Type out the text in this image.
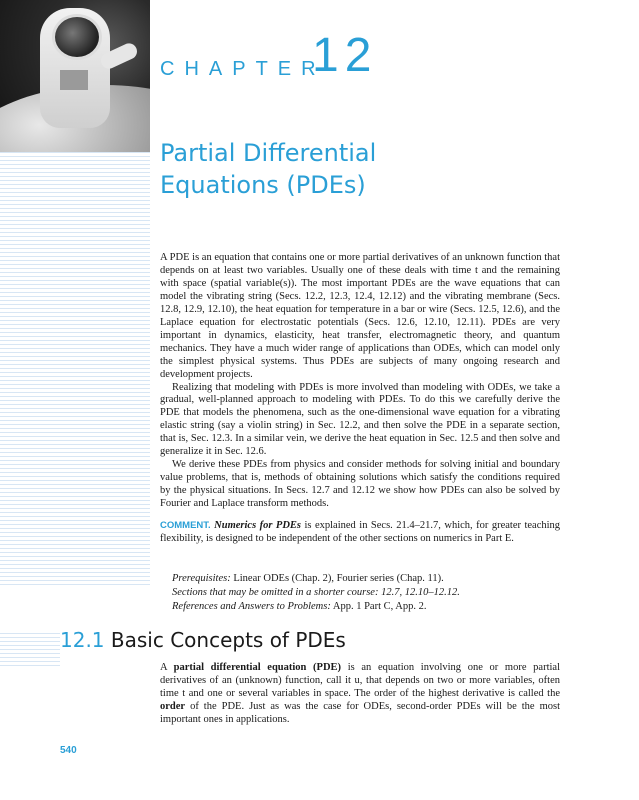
CHAPTER
12
Partial Differential
Equations (PDEs)

A PDE is an equation that contains one or more partial derivatives of an unknown function that depends on at least two variables. Usually one of these deals with time t and the remaining with space (spatial variable(s)). The most important PDEs are the wave equations that can model the vibrating string (Secs. 12.2, 12.3, 12.4, 12.12) and the vibrating membrane (Secs. 12.8, 12.9, 12.10), the heat equation for temperature in a bar or wire (Secs. 12.5, 12.6), and the Laplace equation for electrostatic potentials (Secs. 12.6, 12.10, 12.11). PDEs are very important in dynamics, elasticity, heat transfer, electromagnetic theory, and quantum mechanics. They have a much wider range of applications than ODEs, which can model only the simplest physical systems. Thus PDEs are subjects of many ongoing research and development projects.

Realizing that modeling with PDEs is more involved than modeling with ODEs, we take a gradual, well-planned approach to modeling with PDEs. To do this we carefully derive the PDE that models the phenomena, such as the one-dimensional wave equation for a vibrating elastic string (say a violin string) in Sec. 12.2, and then solve the PDE in a separate section, that is, Sec. 12.3. In a similar vein, we derive the heat equation in Sec. 12.5 and then solve and generalize it in Sec. 12.6.

We derive these PDEs from physics and consider methods for solving initial and boundary value problems, that is, methods of obtaining solutions which satisfy the conditions required by the physical situations. In Secs. 12.7 and 12.12 we show how PDEs can also be solved by Fourier and Laplace transform methods.

COMMENT. Numerics for PDEs is explained in Secs. 21.4–21.7, which, for greater teaching flexibility, is designed to be independent of the other sections on numerics in Part E.

Prerequisites: Linear ODEs (Chap. 2), Fourier series (Chap. 11).
Sections that may be omitted in a shorter course: 12.7, 12.10–12.12.
References and Answers to Problems: App. 1 Part C, App. 2.
12.1 Basic Concepts of PDEs

A partial differential equation (PDE) is an equation involving one or more partial derivatives of an (unknown) function, call it u, that depends on two or more variables, often time t and one or several variables in space. The order of the highest derivative is called the order of the PDE. Just as was the case for ODEs, second-order PDEs will be the most important ones in applications.

540
